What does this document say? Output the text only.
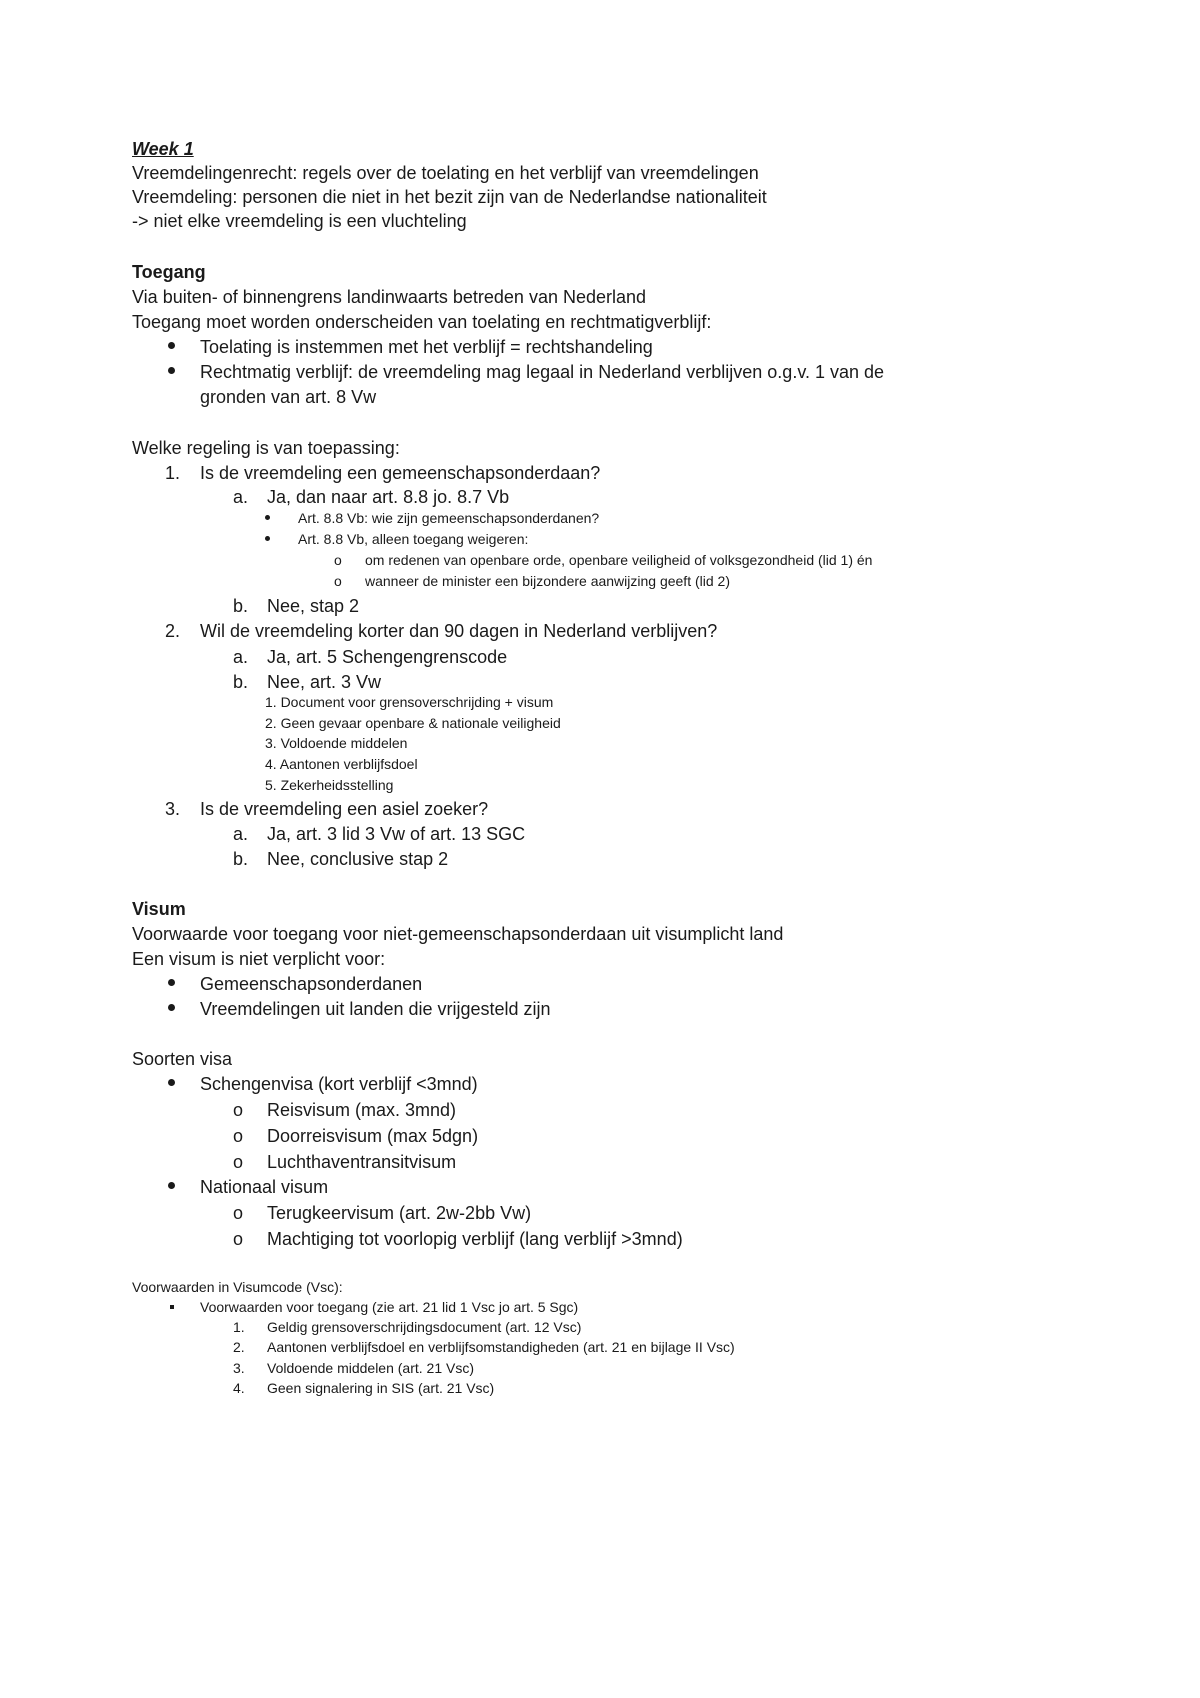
Week 1
Vreemdelingenrecht: regels over de toelating en het verblijf van vreemdelingen
Vreemdeling: personen die niet in het bezit zijn van de Nederlandse nationaliteit
-> niet elke vreemdeling is een vluchteling
Toegang
Via buiten- of binnengrens landinwaarts betreden van Nederland
Toegang moet worden onderscheiden van toelating en rechtmatigverblijf:
Toelating is instemmen met het verblijf = rechtshandeling
Rechtmatig verblijf: de vreemdeling mag legaal in Nederland verblijven o.g.v. 1 van de
gronden van art. 8 Vw
Welke regeling is van toepassing:
1. Is de vreemdeling een gemeenschapsonderdaan?
a. Ja, dan naar art. 8.8 jo. 8.7 Vb
Art. 8.8 Vb: wie zijn gemeenschapsonderdanen?
Art. 8.8 Vb, alleen toegang weigeren:
o om redenen van openbare orde, openbare veiligheid of volksgezondheid (lid 1) én
o wanneer de minister een bijzondere aanwijzing geeft (lid 2)
b. Nee, stap 2
2. Wil de vreemdeling korter dan 90 dagen in Nederland verblijven?
a. Ja, art. 5 Schengengrenscode
b. Nee, art. 3 Vw
1. Document voor grensoverschrijding + visum
2. Geen gevaar openbare & nationale veiligheid
3. Voldoende middelen
4. Aantonen verblijfsdoel
5. Zekerheidsstelling
3. Is de vreemdeling een asiel zoeker?
a. Ja, art. 3 lid 3 Vw of art. 13 SGC
b. Nee, conclusive stap 2
Visum
Voorwaarde voor toegang voor niet-gemeenschapsonderdaan uit visumplicht land
Een visum is niet verplicht voor:
Gemeenschapsonderdanen
Vreemdelingen uit landen die vrijgesteld zijn
Soorten visa
Schengenvisa (kort verblijf <3mnd)
o Reisvisum (max. 3mnd)
o Doorreisvisum (max 5dgn)
o Luchthaventransitvisum
Nationaal visum
o Terugkeervisum (art. 2w-2bb Vw)
o Machtiging tot voorlopig verblijf (lang verblijf >3mnd)
Voorwaarden in Visumcode (Vsc):
Voorwaarden voor toegang (zie art. 21 lid 1 Vsc jo art. 5 Sgc)
1. Geldig grensoverschrijdingsdocument (art. 12 Vsc)
2. Aantonen verblijfsdoel en verblijfsomstandigheden (art. 21 en bijlage II Vsc)
3. Voldoende middelen (art. 21 Vsc)
4. Geen signalering in SIS (art. 21 Vsc)
